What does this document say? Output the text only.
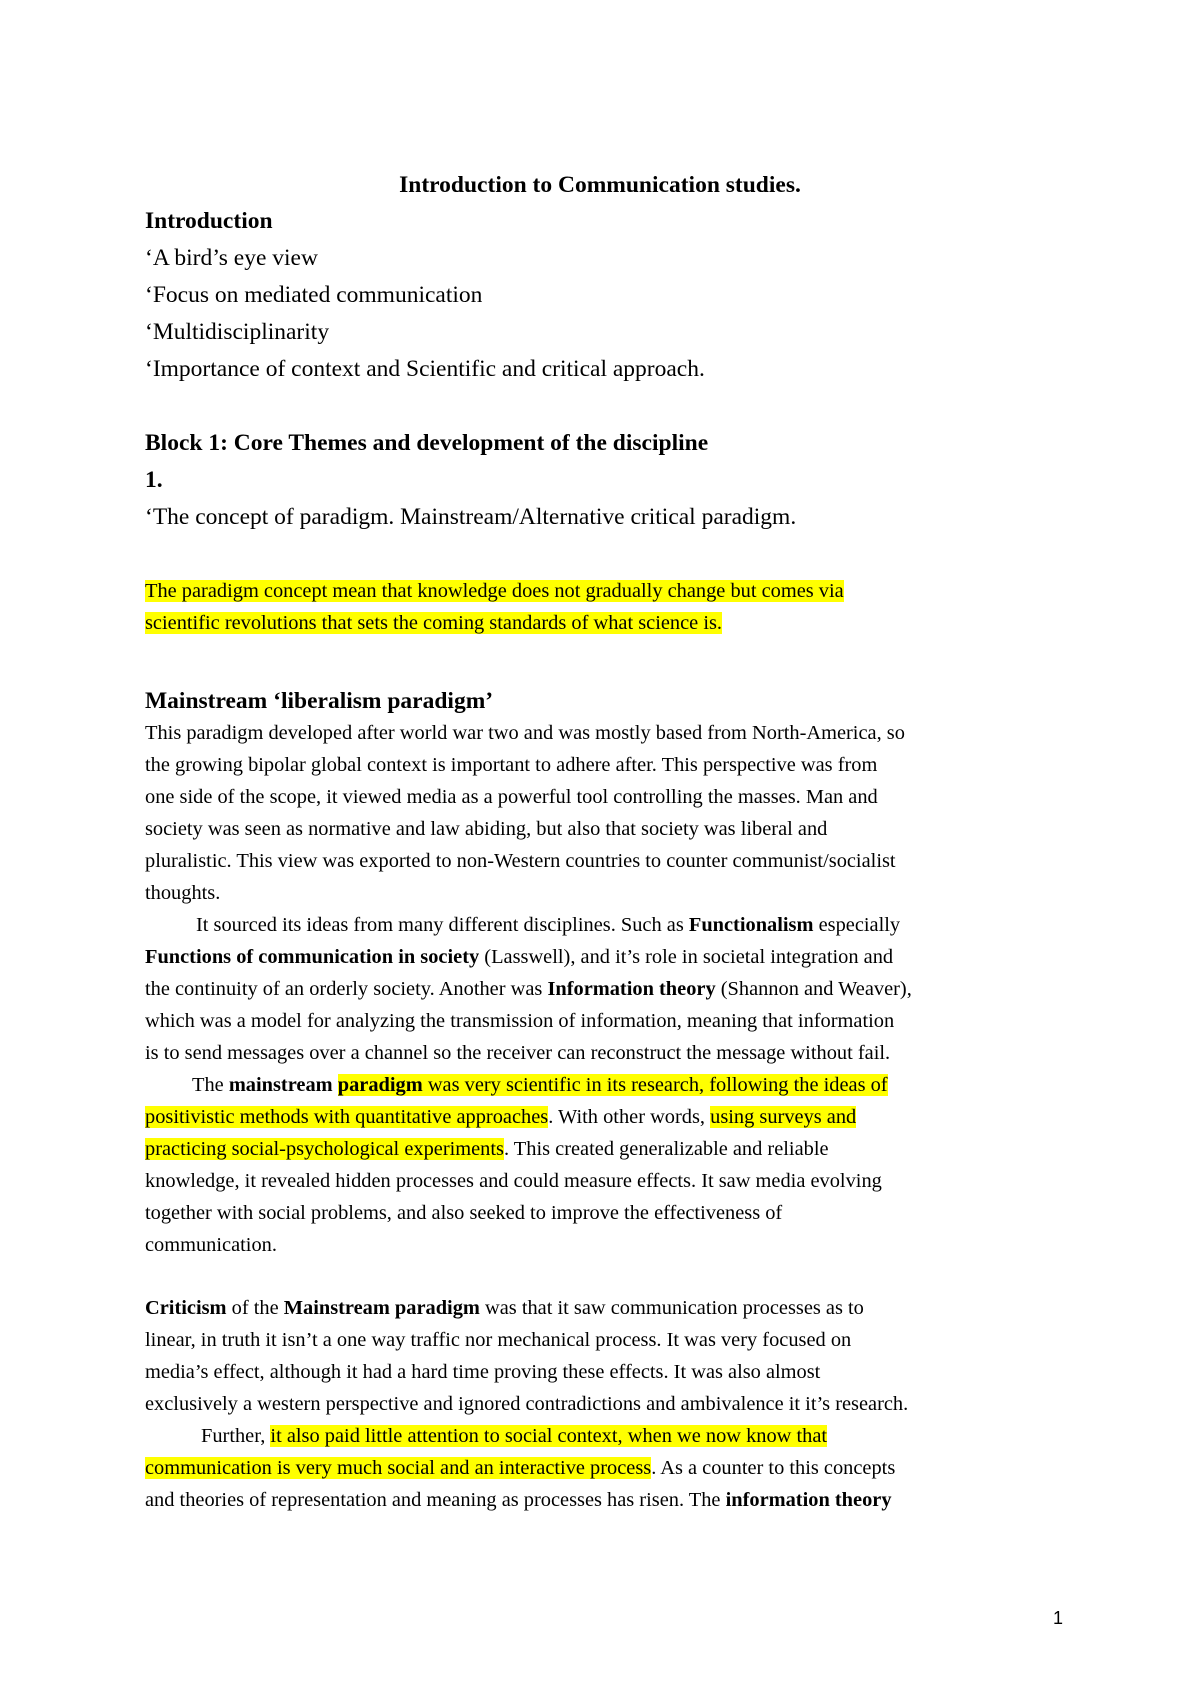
Introduction to Communication studies.

Introduction

‘A bird’s eye view

‘Focus on mediated communication

‘Multidisciplinarity

‘Importance of context and Scientific and critical approach.

Block 1: Core Themes and development of the discipline

1.

‘The concept of paradigm. Mainstream/Alternative critical paradigm.

The paradigm concept mean that knowledge does not gradually change but comes via

scientific revolutions that sets the coming standards of what science is.

Mainstream ‘liberalism paradigm’

This paradigm developed after world war two and was mostly based from North-America, so

the growing bipolar global context is important to adhere after. This perspective was from

one side of the scope, it viewed media as a powerful tool controlling the masses. Man and

society was seen as normative and law abiding, but also that society was liberal and

pluralistic. This view was exported to non-Western countries to counter communist/socialist

thoughts.

It sourced its ideas from many different disciplines. Such as Functionalism especially

Functions of communication in society (Lasswell), and it’s role in societal integration and

the continuity of an orderly society. Another was Information theory (Shannon and Weaver),

which was a model for analyzing the transmission of information, meaning that information

is to send messages over a channel so the receiver can reconstruct the message without fail.

The mainstream paradigm was very scientific in its research, following the ideas of

positivistic methods with quantitative approaches. With other words, using surveys and

practicing social-psychological experiments. This created generalizable and reliable

knowledge, it revealed hidden processes and could measure effects. It saw media evolving

together with social problems, and also seeked to improve the effectiveness of

communication.

Criticism of the Mainstream paradigm was that it saw communication processes as to

linear, in truth it isn’t a one way traffic nor mechanical process. It was very focused on

media’s effect, although it had a hard time proving these effects. It was also almost

exclusively a western perspective and ignored contradictions and ambivalence it it’s research.

Further, it also paid little attention to social context, when we now know that

communication is very much social and an interactive process. As a counter to this concepts

and theories of representation and meaning as processes has risen. The information theory

1
